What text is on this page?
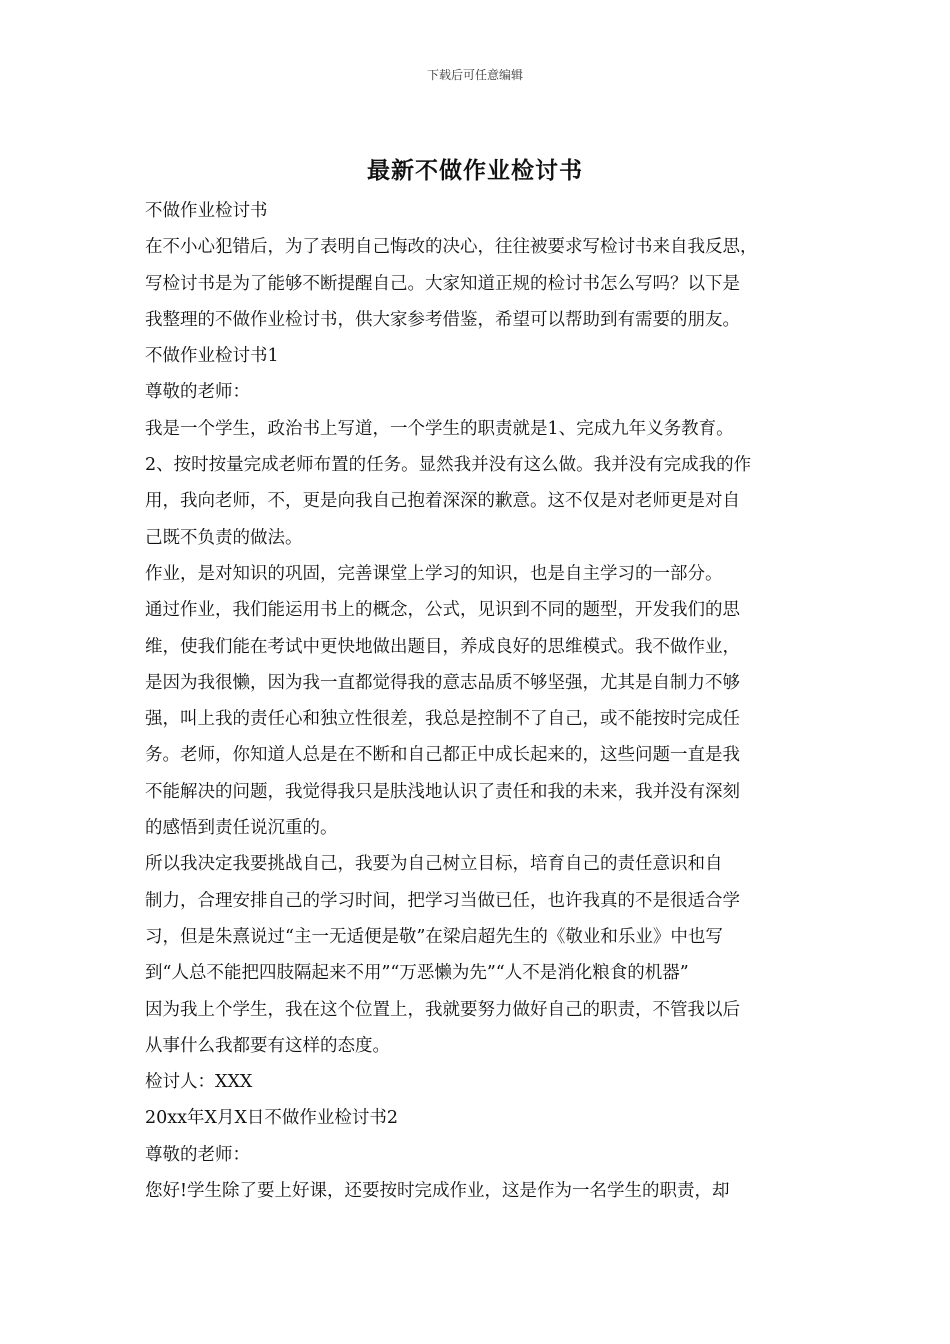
下载后可任意编辑
最新不做作业检讨书
不做作业检讨书
在不小心犯错后，为了表明自己悔改的决心，往往被要求写检讨书来自我反思，
写检讨书是为了能够不断提醒自己。大家知道正规的检讨书怎么写吗？以下是
我整理的不做作业检讨书，供大家参考借鉴，希望可以帮助到有需要的朋友。
不做作业检讨书1
尊敬的老师：
我是一个学生，政治书上写道，一个学生的职责就是1、完成九年义务教育。
2、按时按量完成老师布置的任务。显然我并没有这么做。我并没有完成我的作
用，我向老师，不，更是向我自己抱着深深的歉意。这不仅是对老师更是对自
己既不负责的做法。
作业，是对知识的巩固，完善课堂上学习的知识，也是自主学习的一部分。
通过作业，我们能运用书上的概念，公式，见识到不同的题型，开发我们的思
维，使我们能在考试中更快地做出题目，养成良好的思维模式。我不做作业，
是因为我很懒，因为我一直都觉得我的意志品质不够坚强，尤其是自制力不够
强，叫上我的责任心和独立性很差，我总是控制不了自己，或不能按时完成任
务。老师，你知道人总是在不断和自己都正中成长起来的，这些问题一直是我
不能解决的问题，我觉得我只是肤浅地认识了责任和我的未来，我并没有深刻
的感悟到责任说沉重的。
所以我决定我要挑战自己，我要为自己树立目标，培育自己的责任意识和自
制力，合理安排自己的学习时间，把学习当做已任，也许我真的不是很适合学
习，但是朱熹说过“主一无适便是敬”在梁启超先生的《敬业和乐业》中也写
到“人总不能把四肢隔起来不用”“万恶懒为先”“人不是消化粮食的机器”
因为我上个学生，我在这个位置上，我就要努力做好自己的职责，不管我以后
从事什么我都要有这样的态度。
检讨人：XXX
20xx年X月X日不做作业检讨书2
尊敬的老师：
您好!学生除了要上好课，还要按时完成作业，这是作为一名学生的职责，却
